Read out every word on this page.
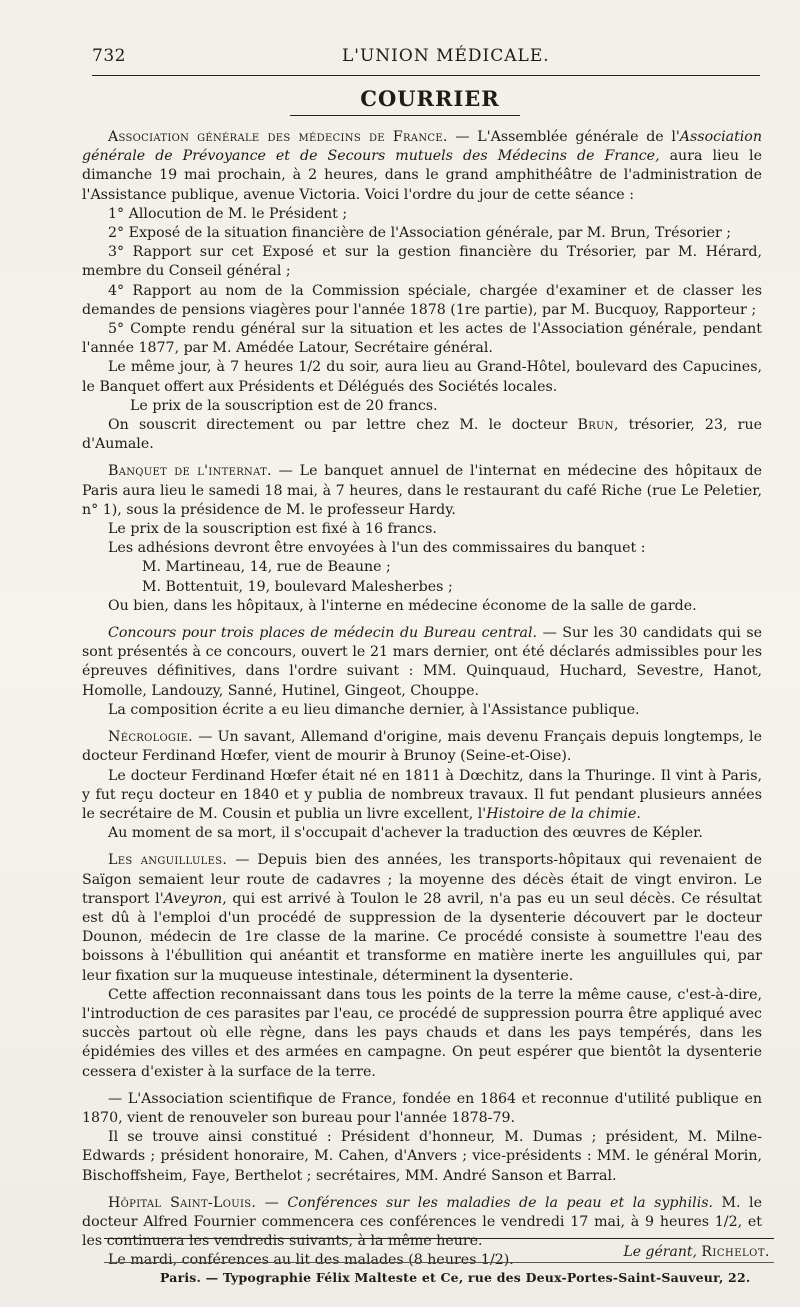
732	L'UNION MÉDICALE.
COURRIER

Association générale des médecins de France. — L'Assemblée générale de l'Association générale de Prévoyance et de Secours mutuels des Médecins de France, aura lieu le dimanche 19 mai prochain, à 2 heures, dans le grand amphithéâtre de l'administration de l'Assistance publique, avenue Victoria. Voici l'ordre du jour de cette séance :

1° Allocution de M. le Président ;

2° Exposé de la situation financière de l'Association générale, par M. Brun, Trésorier ;

3° Rapport sur cet Exposé et sur la gestion financière du Trésorier, par M. Hérard, membre du Conseil général ;

4° Rapport au nom de la Commission spéciale, chargée d'examiner et de classer les demandes de pensions viagères pour l'année 1878 (1re partie), par M. Bucquoy, Rapporteur ;

5° Compte rendu général sur la situation et les actes de l'Association générale, pendant l'année 1877, par M. Amédée Latour, Secrétaire général.

Le même jour, à 7 heures 1/2 du soir, aura lieu au Grand-Hôtel, boulevard des Capucines, le Banquet offert aux Présidents et Délégués des Sociétés locales.

Le prix de la souscription est de 20 francs.

On souscrit directement ou par lettre chez M. le docteur Brun, trésorier, 23, rue d'Aumale.

Banquet de l'internat. — Le banquet annuel de l'internat en médecine des hôpitaux de Paris aura lieu le samedi 18 mai, à 7 heures, dans le restaurant du café Riche (rue Le Peletier, n° 1), sous la présidence de M. le professeur Hardy.

Le prix de la souscription est fixé à 16 francs.

Les adhésions devront être envoyées à l'un des commissaires du banquet :

M. Martineau, 14, rue de Beaune ;

M. Bottentuit, 19, boulevard Malesherbes ;

Ou bien, dans les hôpitaux, à l'interne en médecine économe de la salle de garde.

Concours pour trois places de médecin du Bureau central. — Sur les 30 candidats qui se sont présentés à ce concours, ouvert le 21 mars dernier, ont été déclarés admissibles pour les épreuves définitives, dans l'ordre suivant : MM. Quinquaud, Huchard, Sevestre, Hanot, Homolle, Landouzy, Sanné, Hutinel, Gingeot, Chouppe.

La composition écrite a eu lieu dimanche dernier, à l'Assistance publique.

Nécrologie. — Un savant, Allemand d'origine, mais devenu Français depuis longtemps, le docteur Ferdinand Hœfer, vient de mourir à Brunoy (Seine-et-Oise).

Le docteur Ferdinand Hœfer était né en 1811 à Dœchitz, dans la Thuringe. Il vint à Paris, y fut reçu docteur en 1840 et y publia de nombreux travaux. Il fut pendant plusieurs années le secrétaire de M. Cousin et publia un livre excellent, l'Histoire de la chimie.

Au moment de sa mort, il s'occupait d'achever la traduction des œuvres de Képler.

Les anguillules. — Depuis bien des années, les transports-hôpitaux qui revenaient de Saïgon semaient leur route de cadavres ; la moyenne des décès était de vingt environ. Le transport l'Aveyron, qui est arrivé à Toulon le 28 avril, n'a pas eu un seul décès. Ce résultat est dû à l'emploi d'un procédé de suppression de la dysenterie découvert par le docteur Dounon, médecin de 1re classe de la marine. Ce procédé consiste à soumettre l'eau des boissons à l'ébullition qui anéantit et transforme en matière inerte les anguillules qui, par leur fixation sur la muqueuse intestinale, déterminent la dysenterie.

Cette affection reconnaissant dans tous les points de la terre la même cause, c'est-à-dire, l'introduction de ces parasites par l'eau, ce procédé de suppression pourra être appliqué avec succès partout où elle règne, dans les pays chauds et dans les pays tempérés, dans les épidémies des villes et des armées en campagne. On peut espérer que bientôt la dysenterie cessera d'exister à la surface de la terre.

— L'Association scientifique de France, fondée en 1864 et reconnue d'utilité publique en 1870, vient de renouveler son bureau pour l'année 1878-79.

Il se trouve ainsi constitué : Président d'honneur, M. Dumas ; président, M. Milne-Edwards ; président honoraire, M. Cahen, d'Anvers ; vice-présidents : MM. le général Morin, Bischoffsheim, Faye, Berthelot ; secrétaires, MM. André Sanson et Barral.

Hôpital Saint-Louis. — Conférences sur les maladies de la peau et la syphilis. M. le docteur Alfred Fournier commencera ces conférences le vendredi 17 mai, à 9 heures 1/2, et les continuera les vendredis suivants, à la même heure.

Le mardi, conférences au lit des malades (8 heures 1/2).

Le gérant, Richelot.
Paris. — Typographie Félix Malteste et Ce, rue des Deux-Portes-Saint-Sauveur, 22.
